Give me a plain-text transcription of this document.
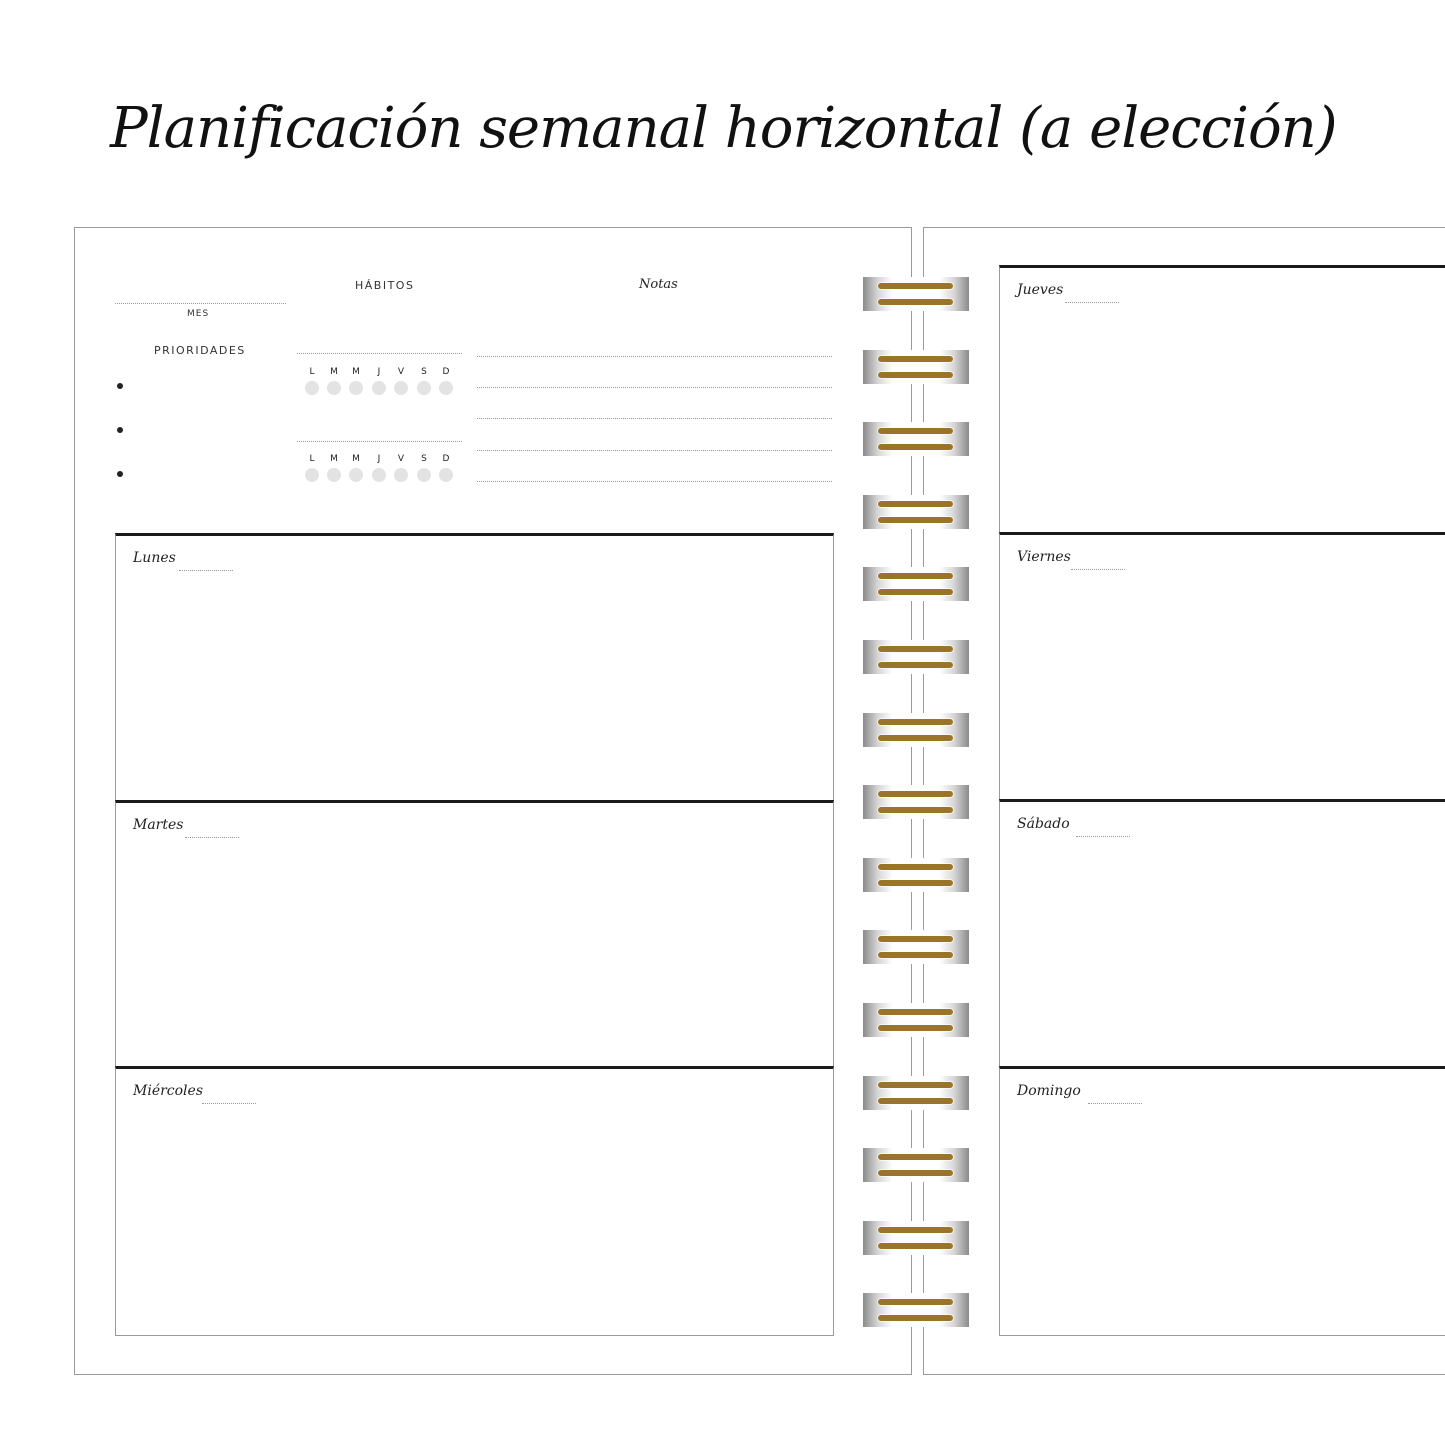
Planificación semanal horizontal (a elección)
MES
PRIORIDADES
HÁBITOS
L	M	M	J	V	S	D
L	M	M	J	V	S	D
Notas
Lunes
Martes
Miércoles
Jueves
Viernes
Sábado
Domingo
